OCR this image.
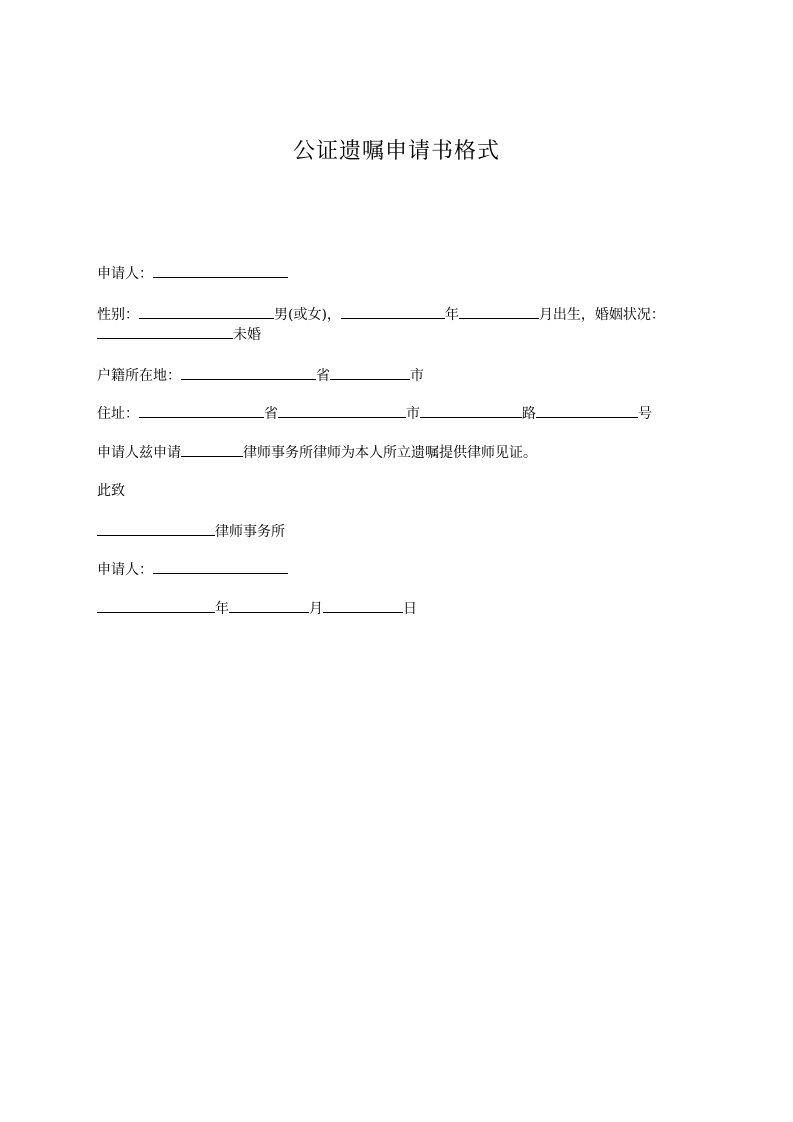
公证遗嘱申请书格式
申请人：
性别：	男(或女)，	年	月出生，婚姻状况：
未婚
户籍所在地：	省	市
住址：	省	市	路	号
申请人兹申请	律师事务所律师为本人所立遗嘱提供律师见证。
此致
律师事务所
申请人：
年	月	日
